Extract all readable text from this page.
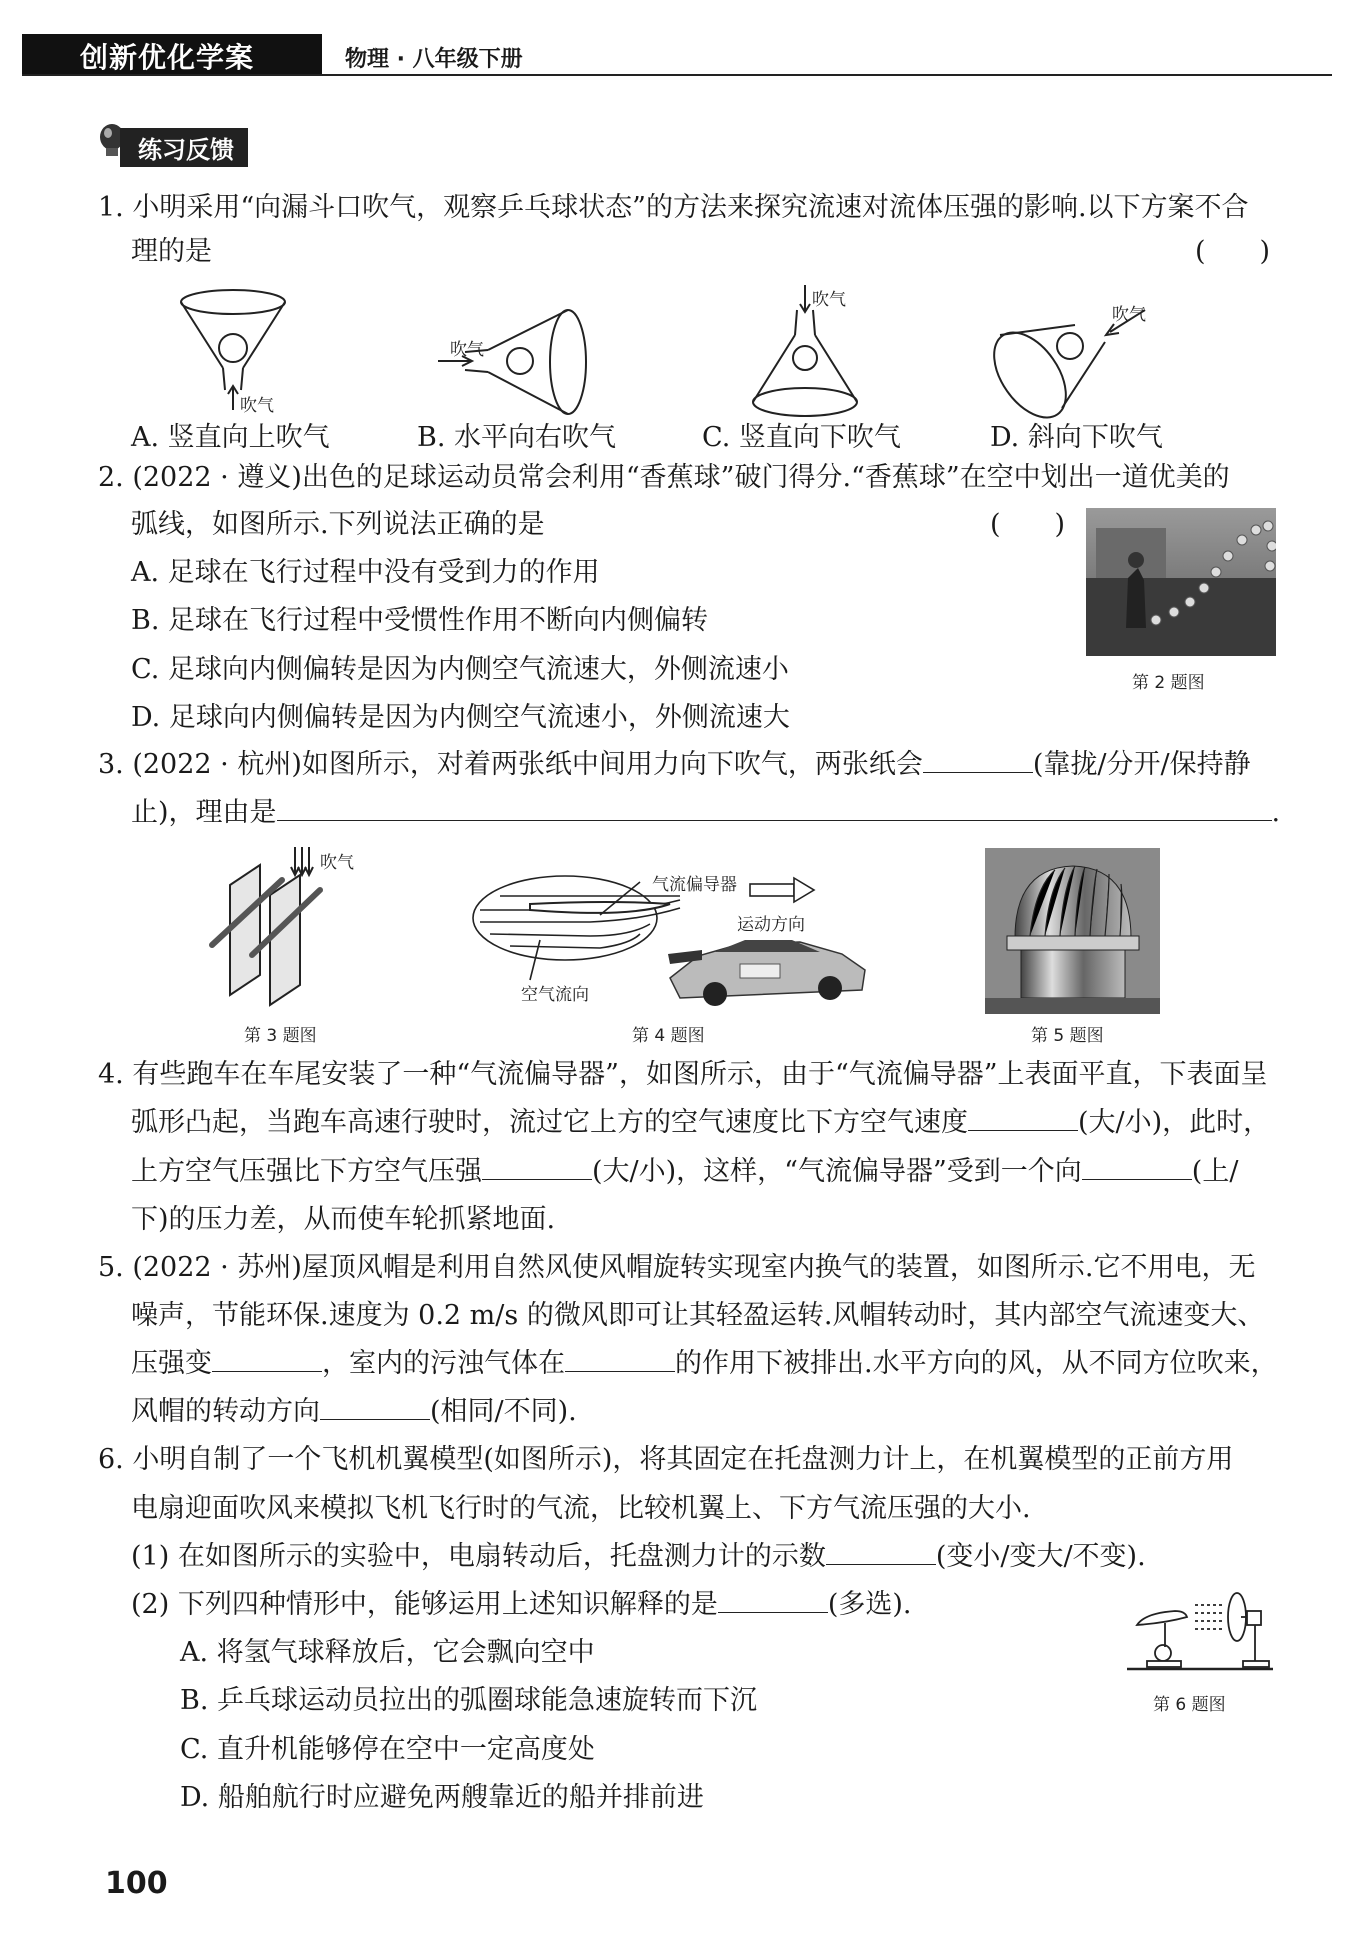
创新优化学案	物理 · 八年级下册
练习反馈
1. 小明采用“向漏斗口吹气，观察乒乓球状态”的方法来探究流速对流体压强的影响.以下方案不合
理的是	(　　)
吹气
吹气
吹气
吹气
A. 竖直向上吹气	B. 水平向右吹气	C. 竖直向下吹气	D. 斜向下吹气
2. (2022 · 遵义)出色的足球运动员常会利用“香蕉球”破门得分.“香蕉球”在空中划出一道优美的
弧线，如图所示.下列说法正确的是	(　　)
A. 足球在飞行过程中没有受到力的作用
B. 足球在飞行过程中受惯性作用不断向内侧偏转
C. 足球向内侧偏转是因为内侧空气流速大，外侧流速小
D. 足球向内侧偏转是因为内侧空气流速小，外侧流速大
第 2 题图
3. (2022 · 杭州)如图所示，对着两张纸中间用力向下吹气，两张纸会	(靠拢/分开/保持静
止)，理由是	.
吹气
第 3 题图
气流偏导器
运动方向
空气流向
第 4 题图	第 5 题图
4. 有些跑车在车尾安装了一种“气流偏导器”，如图所示，由于“气流偏导器”上表面平直，下表面呈
弧形凸起，当跑车高速行驶时，流过它上方的空气速度比下方空气速度	(大/小)，此时，
上方空气压强比下方空气压强	(大/小)，这样，“气流偏导器”受到一个向	(上/
下)的压力差，从而使车轮抓紧地面.
5. (2022 · 苏州)屋顶风帽是利用自然风使风帽旋转实现室内换气的装置，如图所示.它不用电，无
噪声，节能环保.速度为 0.2 m/s 的微风即可让其轻盈运转.风帽转动时，其内部空气流速变大、
压强变	，室内的污浊气体在	的作用下被排出.水平方向的风，从不同方位吹来，
风帽的转动方向	(相同/不同).
6. 小明自制了一个飞机机翼模型(如图所示)，将其固定在托盘测力计上，在机翼模型的正前方用
电扇迎面吹风来模拟飞机飞行时的气流，比较机翼上、下方气流压强的大小.
(1) 在如图所示的实验中，电扇转动后，托盘测力计的示数	(变小/变大/不变).
(2) 下列四种情形中，能够运用上述知识解释的是	(多选).
A. 将氢气球释放后，它会飘向空中
B. 乒乓球运动员拉出的弧圈球能急速旋转而下沉
C. 直升机能够停在空中一定高度处
D. 船舶航行时应避免两艘靠近的船并排前进
第 6 题图
100
